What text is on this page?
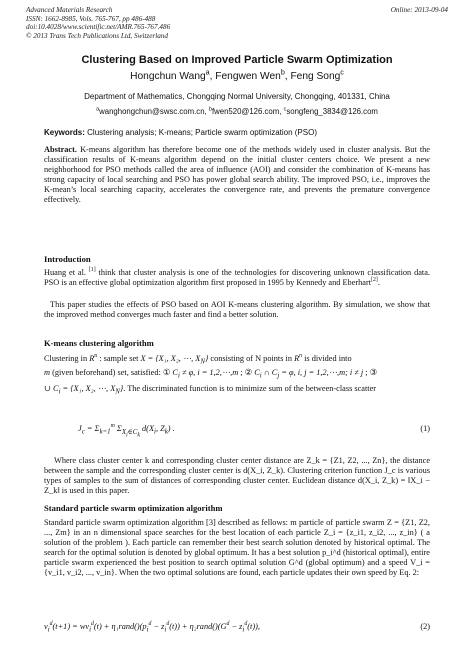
Advanced Materials Research
ISSN: 1662-8985, Vols. 765-767, pp 486-488
doi:10.4028/www.scientific.net/AMR.765-767.486
© 2013 Trans Tech Publications Ltd, Switzerland
Online: 2013-09-04
Clustering Based on Improved Particle Swarm Optimization
Hongchun Wang$^a$, Fengwen Wen$^b$, Feng Song$^c$
Department of Mathematics, Chongqing Normal University, Chongqing, 401331, China
$^a$wanghongchun@swsc.com.cn, $^b$fwen520@126.com, $^c$songfeng_3834@126.com
Keywords: Clustering analysis; K-means; Particle swarm optimization (PSO)
Abstract. K-means algorithm has therefore become one of the methods widely used in cluster analysis. But the classification results of K-means algorithm depend on the initial cluster centers choice. We present a new neighborhood for PSO methods called the area of influence (AOI) and consider the combination of K-means has strong capacity of local searching and PSO has power global search ability. The improved PSO, i.e., improves the K-mean’s local searching capacity, accelerates the convergence rate, and prevents the premature convergence effectively.
Introduction
Huang et al. [1] think that cluster analysis is one of the technologies for discovering unknown classification data. PSO is an effective global optimization algorithm first proposed in 1995 by Kennedy and Eberhart[2].
This paper studies the effects of PSO based on AOI K-means clustering algorithm. By simulation, we show that the improved method converges much faster and find a better solution.
K-means clustering algorithm
Clustering in $R^n$ : sample set X = {X₁, X₂, ⋯, $X_N$} consisting of N points in $R^n$ is divided into
m (given beforehand) set, satisfied: ① $C_i \ne \varphi$, i = 1,2,⋯,m ; ② $C_i$ ∩ $C_j = \varphi$, i, j = 1,2,⋯,m; i ≠ j ; ③
∪ $C_i = \{X_1$, X₂, ⋯, $X_N$}. The discriminated function is to minimize sum of the between-class scatter
$J_c = \Sigma_{k=1}^m$ $\Sigma_{X_i\in C_k}$ $d(X_i$, $Z_k$) .	(1)
Where class cluster center k and corresponding cluster center distance are Z_k = {Z1, Z2, ..., Zn}, the distance between the sample and the corresponding cluster center is d(X_i, Z_k). Clustering criterion function J_c is various types of samples to the sum of distances of corresponding cluster center. Euclidean distance d(X_i, Z_k) = ‖X_i − Z_k‖ is used in this paper.
Standard particle swarm optimization algorithm
Standard particle swarm optimization algorithm [3] described as fellows: m particle of particle swarm Z = {Z1, Z2, ..., Zm} in an n dimensional space searches for the best location of each particle Z_i = {z_i1, z_i2, ..., z_in} ( a solution of the problem ). Each particle can remember their best search solution denoted by historical optimal. The search for the optimal solution is denoted by global optimum. It has a best solution p_i^d (historical optimal), entire particle swarm experienced the best position to search optimal solution G^d (global optimum) and a speed V_i = {v_i1, v_i2, ..., v_in}. When the two optimal solutions are found, each particle updates their own speed by Eq. 2:
$v_i^d(t+1) = wv_i^d(t)$ + $\eta_1rand()(p_i^d - z_i^d(t))$ + $\eta_2rand()(G^d - z_i^d(t))$,	(2)
